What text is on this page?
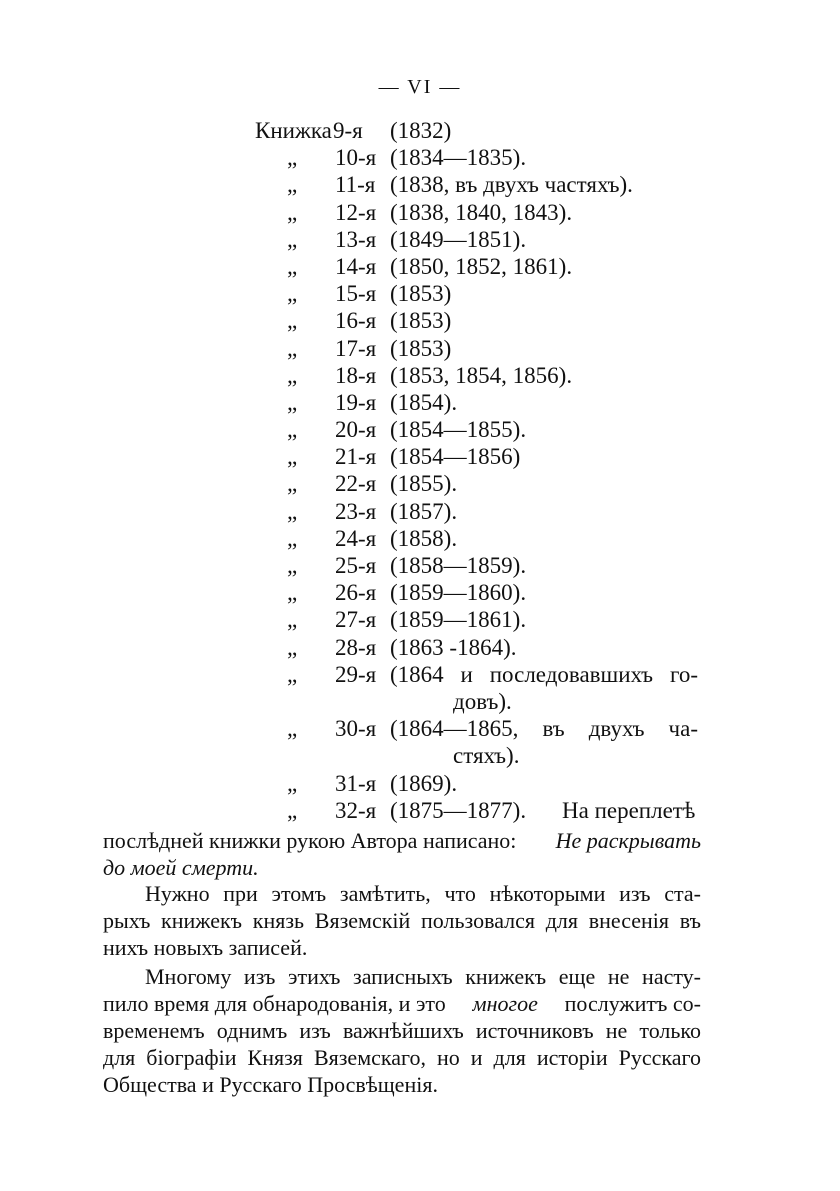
— VI —
Книжка 9-я (1832)
„	10-я (1834—1835).
„	11-я (1838, въ двухъ частяхъ).
„	12-я (1838, 1840, 1843).
„	13-я (1849—1851).
„	14-я (1850, 1852, 1861).
„	15-я (1853)
„	16-я (1853)
„	17-я (1853)
„	18-я (1853, 1854, 1856).
„	19-я (1854).
„	20-я (1854—1855).
„	21-я (1854—1856)
„	22-я (1855).
„	23-я (1857).
„	24-я (1858).
„	25-я (1858—1859).
„	26-я (1859—1860).
„	27-я (1859—1861).
„	28-я (1863 -1864).
„	29-я (1864 и последовавшихъ го-
довъ).
„	30-я (1864—1865, въ двухъ ча-
стяхъ).
„	31-я (1869).
„	32-я (1875—1877). На переплетѣ
послѣдней книжки рукою Автора написано: Не раскрывать
до моей смерти.
Нужно при этомъ замѣтить, что нѣкоторыми изъ ста-
рыхъ книжекъ князь Вяземскій пользовался для внесенія въ
нихъ новыхъ записей.
Многому изъ этихъ записныхъ книжекъ еще не насту-
пило время для обнародованія, и это многое послужитъ со-
временемъ однимъ изъ важнѣйшихъ источниковъ не только
для біографіи Князя Вяземскаго, но и для исторіи Русскаго
Общества и Русскаго Просвѣщенія.
